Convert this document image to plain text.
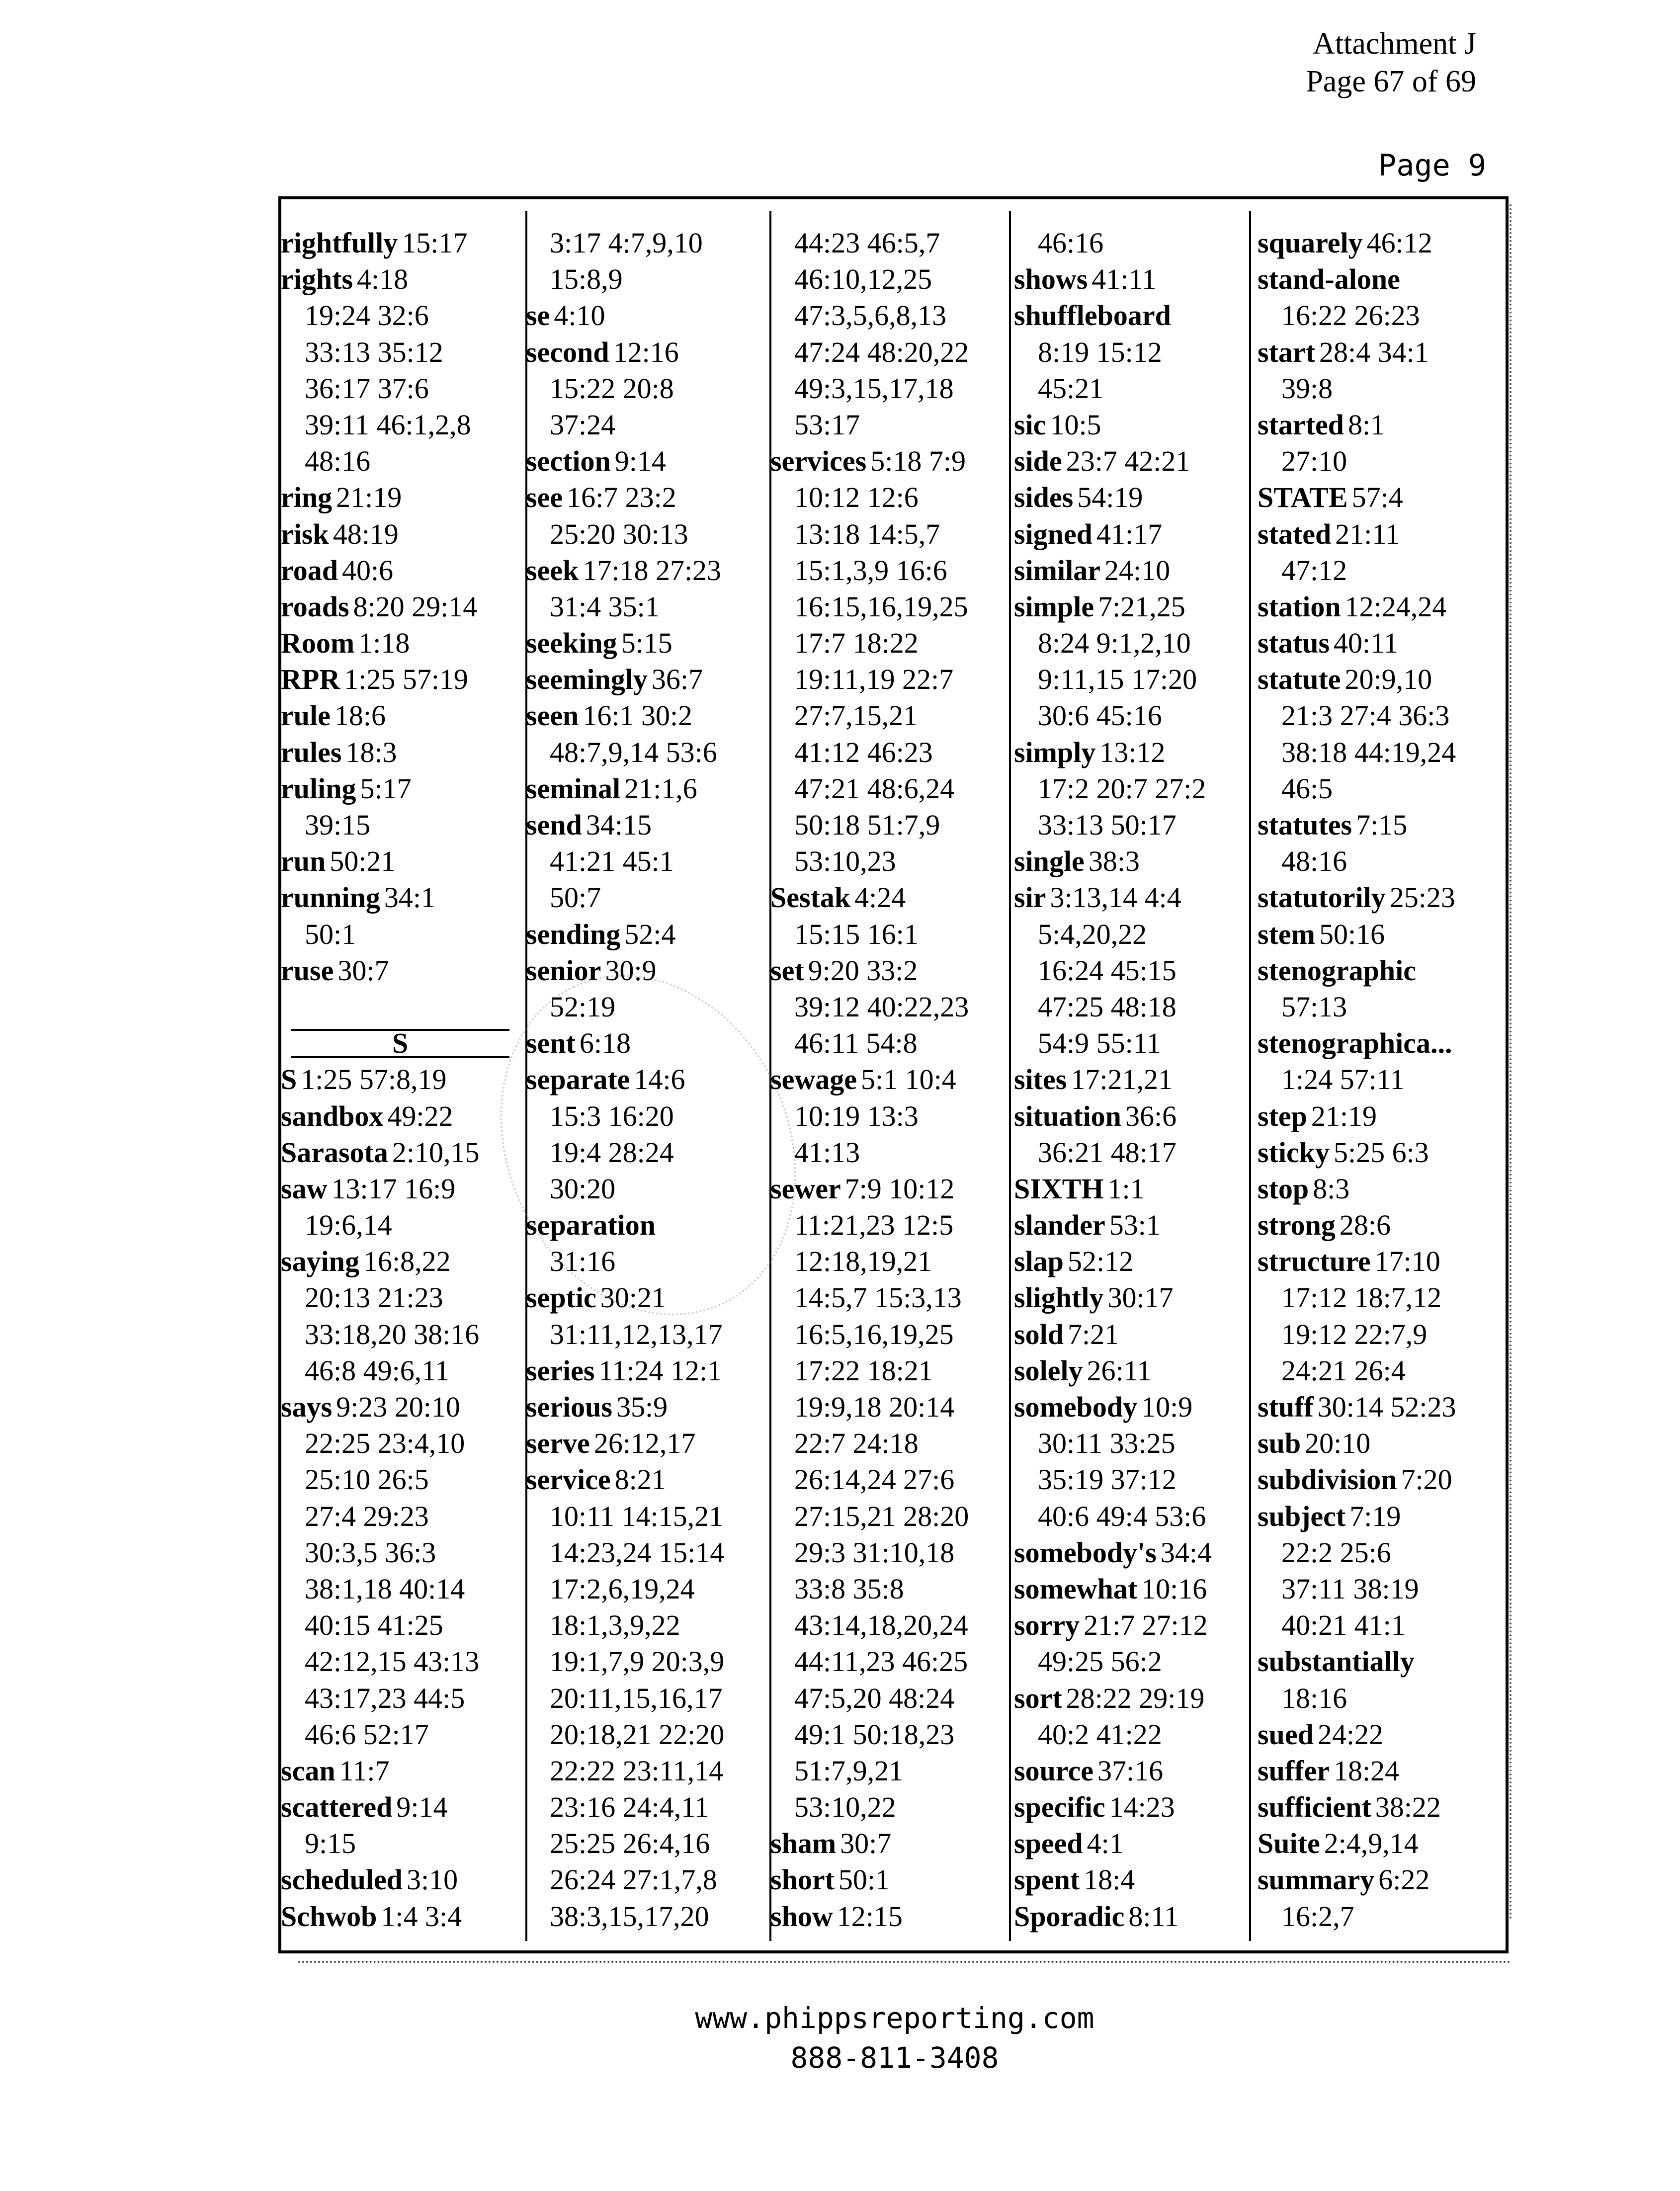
Attachment J
Page 67 of 69
Page 9
rightfully 15:17
rights 4:18
19:24 32:6
33:13 35:12
36:17 37:6
39:11 46:1,2,8
48:16
ring 21:19
risk 48:19
road 40:6
roads 8:20 29:14
Room 1:18
RPR 1:25 57:19
rule 18:6
rules 18:3
ruling 5:17
39:15
run 50:21
running 34:1
50:1
ruse 30:7
S
S 1:25 57:8,19
sandbox 49:22
Sarasota 2:10,15
saw 13:17 16:9
19:6,14
saying 16:8,22
20:13 21:23
33:18,20 38:16
46:8 49:6,11
says 9:23 20:10
22:25 23:4,10
25:10 26:5
27:4 29:23
30:3,5 36:3
38:1,18 40:14
40:15 41:25
42:12,15 43:13
43:17,23 44:5
46:6 52:17
scan 11:7
scattered 9:14
9:15
scheduled 3:10
Schwob 1:4 3:4
3:17 4:7,9,10
15:8,9
se 4:10
second 12:16
15:22 20:8
37:24
section 9:14
see 16:7 23:2
25:20 30:13
seek 17:18 27:23
31:4 35:1
seeking 5:15
seemingly 36:7
seen 16:1 30:2
48:7,9,14 53:6
seminal 21:1,6
send 34:15
41:21 45:1
50:7
sending 52:4
senior 30:9
52:19
sent 6:18
separate 14:6
15:3 16:20
19:4 28:24
30:20
separation
31:16
septic 30:21
31:11,12,13,17
series 11:24 12:1
serious 35:9
serve 26:12,17
service 8:21
10:11 14:15,21
14:23,24 15:14
17:2,6,19,24
18:1,3,9,22
19:1,7,9 20:3,9
20:11,15,16,17
20:18,21 22:20
22:22 23:11,14
23:16 24:4,11
25:25 26:4,16
26:24 27:1,7,8
38:3,15,17,20
44:23 46:5,7
46:10,12,25
47:3,5,6,8,13
47:24 48:20,22
49:3,15,17,18
53:17
services 5:18 7:9
10:12 12:6
13:18 14:5,7
15:1,3,9 16:6
16:15,16,19,25
17:7 18:22
19:11,19 22:7
27:7,15,21
41:12 46:23
47:21 48:6,24
50:18 51:7,9
53:10,23
Sestak 4:24
15:15 16:1
set 9:20 33:2
39:12 40:22,23
46:11 54:8
sewage 5:1 10:4
10:19 13:3
41:13
sewer 7:9 10:12
11:21,23 12:5
12:18,19,21
14:5,7 15:3,13
16:5,16,19,25
17:22 18:21
19:9,18 20:14
22:7 24:18
26:14,24 27:6
27:15,21 28:20
29:3 31:10,18
33:8 35:8
43:14,18,20,24
44:11,23 46:25
47:5,20 48:24
49:1 50:18,23
51:7,9,21
53:10,22
sham 30:7
short 50:1
show 12:15
46:16
shows 41:11
shuffleboard
8:19 15:12
45:21
sic 10:5
side 23:7 42:21
sides 54:19
signed 41:17
similar 24:10
simple 7:21,25
8:24 9:1,2,10
9:11,15 17:20
30:6 45:16
simply 13:12
17:2 20:7 27:2
33:13 50:17
single 38:3
sir 3:13,14 4:4
5:4,20,22
16:24 45:15
47:25 48:18
54:9 55:11
sites 17:21,21
situation 36:6
36:21 48:17
SIXTH 1:1
slander 53:1
slap 52:12
slightly 30:17
sold 7:21
solely 26:11
somebody 10:9
30:11 33:25
35:19 37:12
40:6 49:4 53:6
somebody's 34:4
somewhat 10:16
sorry 21:7 27:12
49:25 56:2
sort 28:22 29:19
40:2 41:22
source 37:16
specific 14:23
speed 4:1
spent 18:4
Sporadic 8:11
squarely 46:12
stand-alone
16:22 26:23
start 28:4 34:1
39:8
started 8:1
27:10
STATE 57:4
stated 21:11
47:12
station 12:24,24
status 40:11
statute 20:9,10
21:3 27:4 36:3
38:18 44:19,24
46:5
statutes 7:15
48:16
statutorily 25:23
stem 50:16
stenographic
57:13
stenographica...
1:24 57:11
step 21:19
sticky 5:25 6:3
stop 8:3
strong 28:6
structure 17:10
17:12 18:7,12
19:12 22:7,9
24:21 26:4
stuff 30:14 52:23
sub 20:10
subdivision 7:20
subject 7:19
22:2 25:6
37:11 38:19
40:21 41:1
substantially
18:16
sued 24:22
suffer 18:24
sufficient 38:22
Suite 2:4,9,14
summary 6:22
16:2,7
www.phippsreporting.com
888-811-3408
